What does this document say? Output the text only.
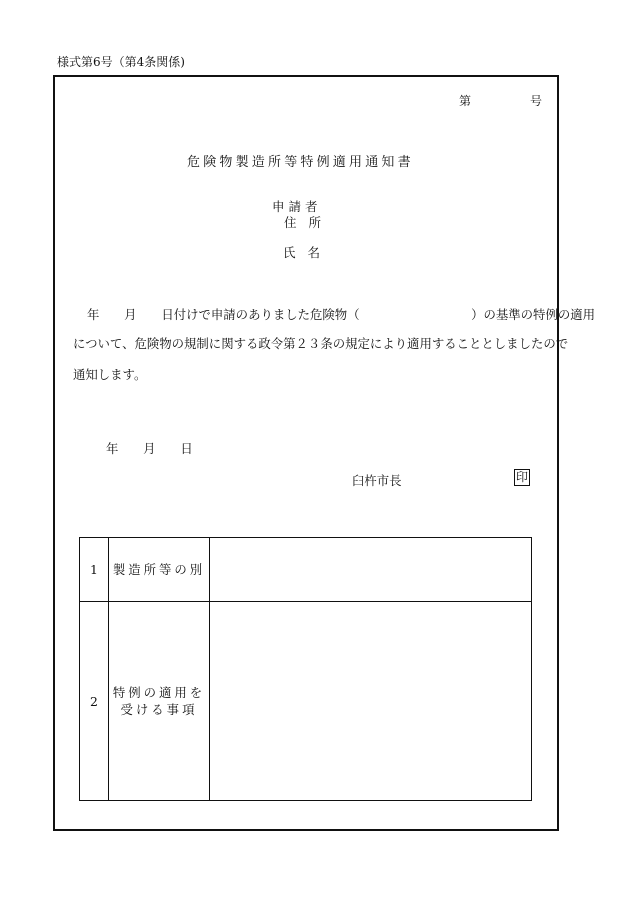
様式第6号（第4条関係)
第	号
危険物製造所等特例適用通知書
申請者
住 所
氏 名
年　　月　　日付けで申請のありました危険物（　　　　　　　　　）の基準の特例の適用
について、危険物の規制に関する政令第２３条の規定により適用することとしましたので
通知します。
年　　月　　日
臼杵市長	印
1	製造所等の別	

2	特例の適用を
受ける事項	
